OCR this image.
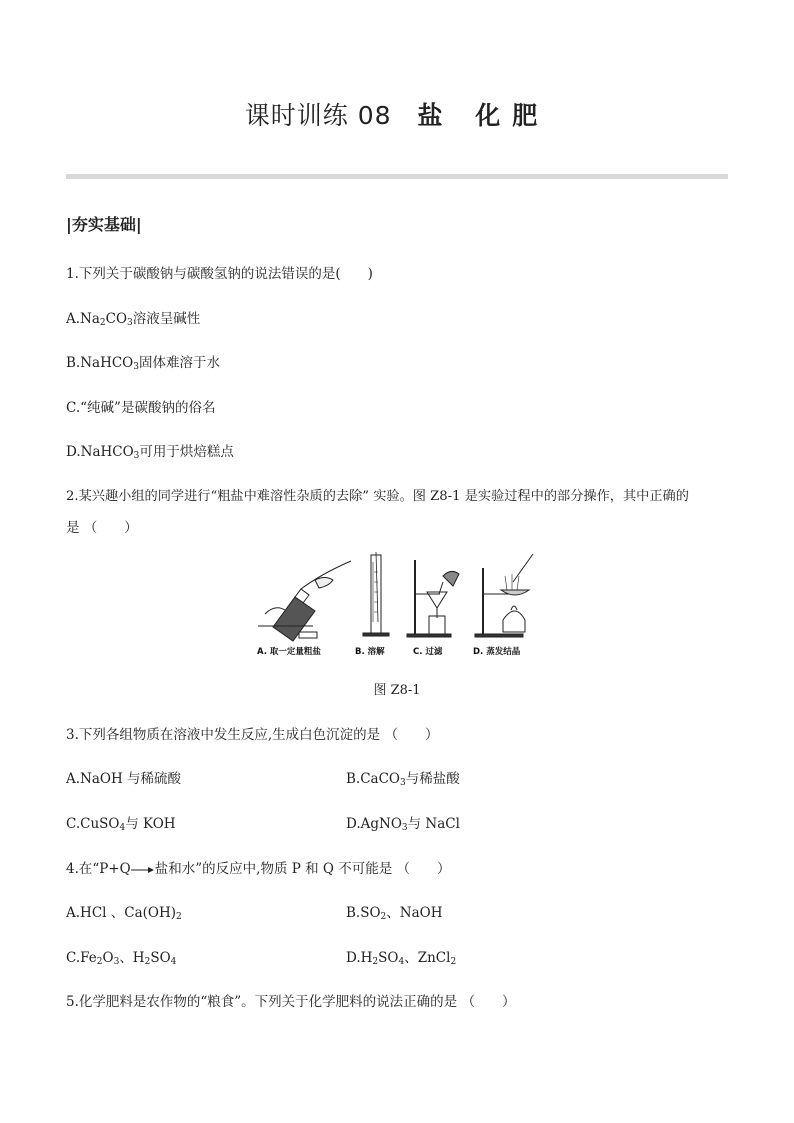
课时训练 08 盐 化肥
|夯实基础|
1.下列关于碳酸钠与碳酸氢钠的说法错误的是(　　)
$A.Na_2CO_3$溶液呈碱性
B.NaHCO$_3$固体难溶于水
C.“纯碱”是碳酸钠的俗名
D.NaHCO$_3$可用于烘焙糕点
2.某兴趣小组的同学进行“粗盐中难溶性杂质的去除” 实验。图 Z8-1 是实验过程中的部分操作，其中正确的
是 （　　）
A. 取一定量粗盐	B. 溶解	C. 过滤	D. 蒸发结晶
图 Z8-1
3.下列各组物质在溶液中发生反应,生成白色沉淀的是 （　　）
A.NaOH 与稀硫酸	B.CaCO$_3$与稀盐酸
C.CuSO$_4$与 KOH	D.AgNO$_3$与 NaCl
4.在“P+Q→盐和水”的反应中,物质 P 和 Q 不可能是 （　　）
A.HCl 、$Ca(OH)_2$	$B.SO_2$、NaOH
$C.Fe_2O_3$、$H_2SO_4$	$D.H_2SO_4$、ZnCl$_2$
5.化学肥料是农作物的“粮食”。下列关于化学肥料的说法正确的是 （　　）
